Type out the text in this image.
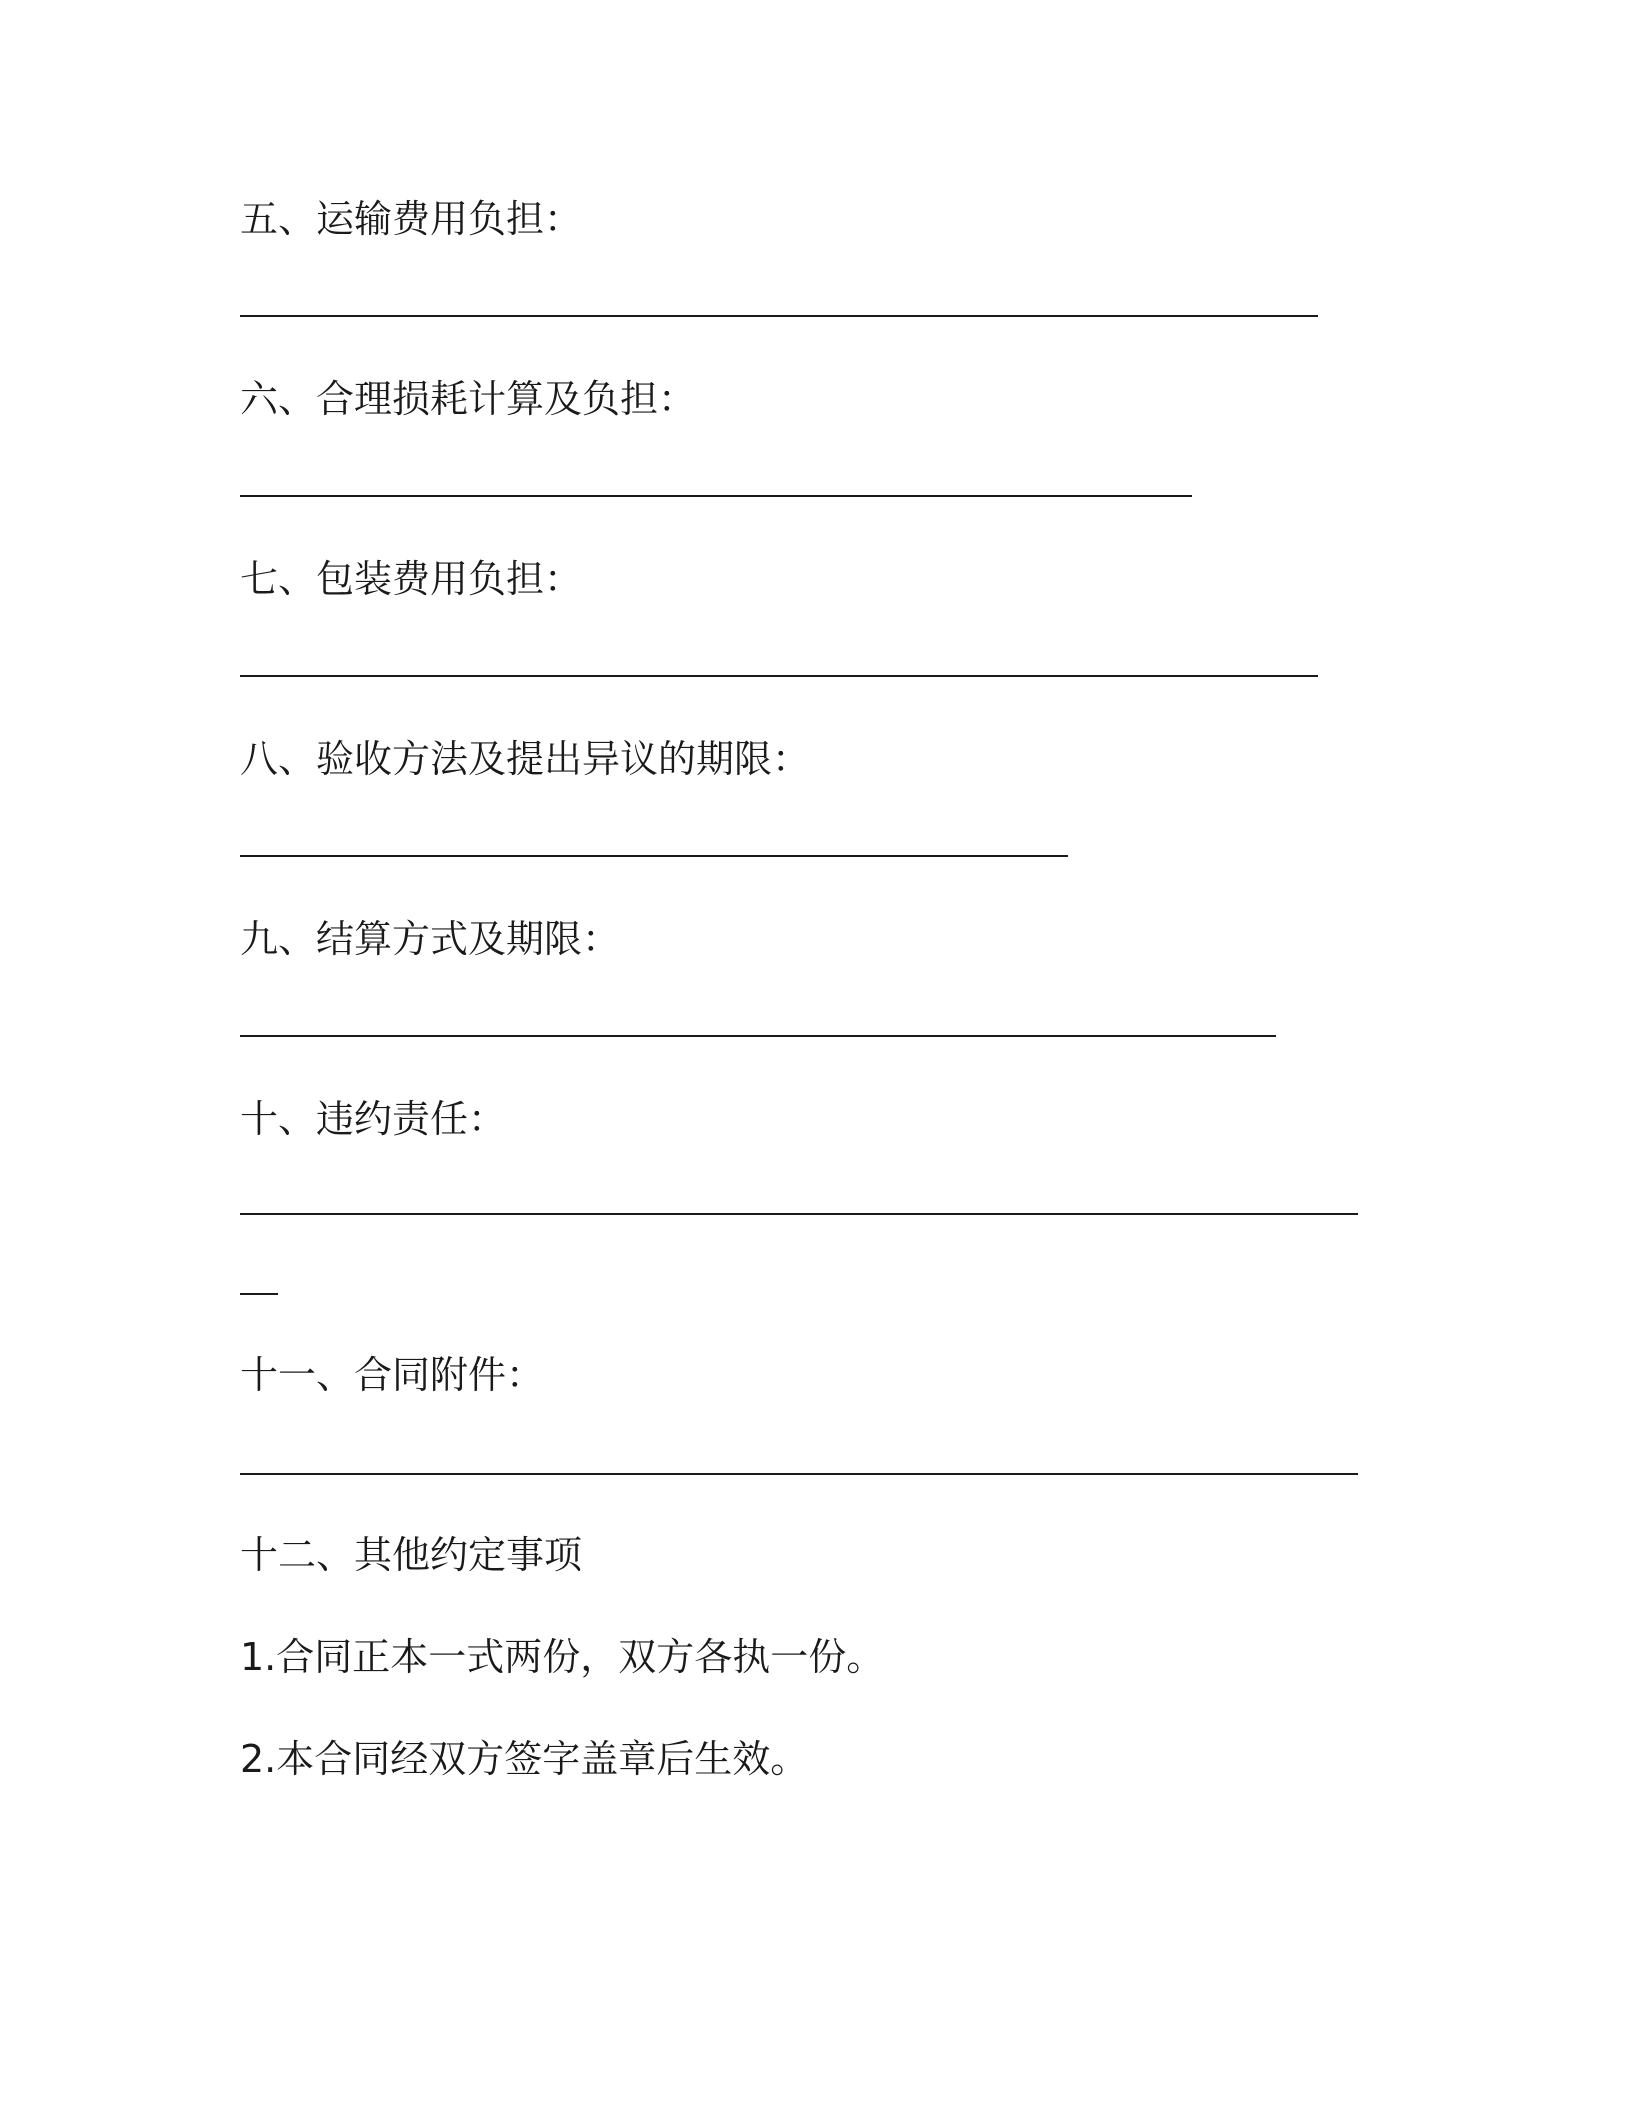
五、运输费用负担：
六、合理损耗计算及负担：
七、包装费用负担：
八、验收方法及提出异议的期限：
九、结算方式及期限：
十、违约责任：
十一、合同附件：
十二、其他约定事项
1.合同正本一式两份，双方各执一份。
2.本合同经双方签字盖章后生效。
